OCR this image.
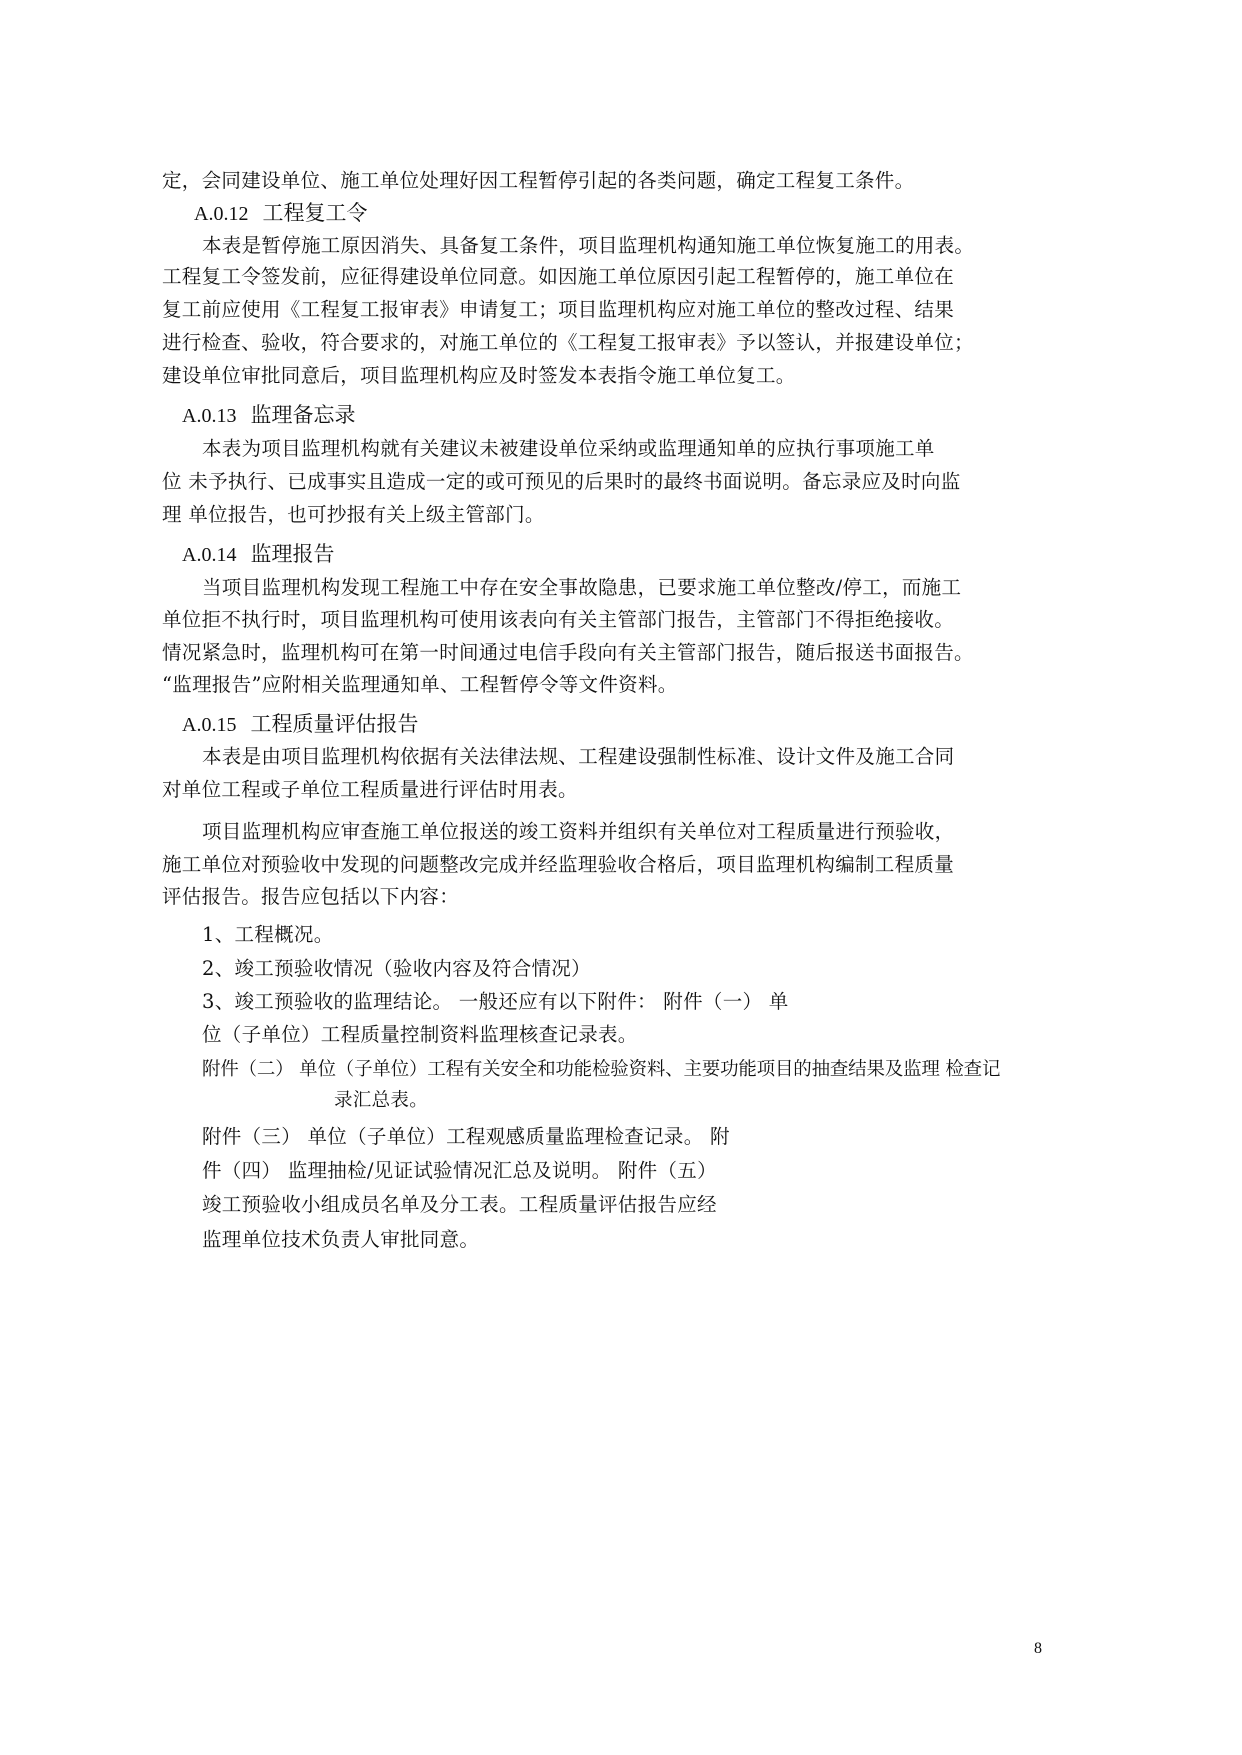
定，会同建设单位、施工单位处理好因工程暂停引起的各类问题，确定工程复工条件。
A.0.12 工程复工令
本表是暂停施工原因消失、具备复工条件，项目监理机构通知施工单位恢复施工的用表。
工程复工令签发前，应征得建设单位同意。如因施工单位原因引起工程暂停的，施工单位在
复工前应使用《工程复工报审表》申请复工；项目监理机构应对施工单位的整改过程、结果
进行检查、验收，符合要求的，对施工单位的《工程复工报审表》予以签认，并报建设单位；
建设单位审批同意后，项目监理机构应及时签发本表指令施工单位复工。
A.0.13 监理备忘录
本表为项目监理机构就有关建议未被建设单位采纳或监理通知单的应执行事项施工单
位 未予执行、已成事实且造成一定的或可预见的后果时的最终书面说明。备忘录应及时向监
理 单位报告，也可抄报有关上级主管部门。
A.0.14 监理报告
当项目监理机构发现工程施工中存在安全事故隐患，已要求施工单位整改/停工，而施工
单位拒不执行时，项目监理机构可使用该表向有关主管部门报告，主管部门不得拒绝接收。
情况紧急时，监理机构可在第一时间通过电信手段向有关主管部门报告，随后报送书面报告。
“监理报告”应附相关监理通知单、工程暂停令等文件资料。
A.0.15 工程质量评估报告
本表是由项目监理机构依据有关法律法规、工程建设强制性标准、设计文件及施工合同
对单位工程或子单位工程质量进行评估时用表。
项目监理机构应审查施工单位报送的竣工资料并组织有关单位对工程质量进行预验收，
施工单位对预验收中发现的问题整改完成并经监理验收合格后，项目监理机构编制工程质量
评估报告。报告应包括以下内容：
1、工程概况。
2、竣工预验收情况（验收内容及符合情况）
3、竣工预验收的监理结论。 一般还应有以下附件： 附件（一） 单
位（子单位）工程质量控制资料监理核查记录表。
附件（二） 单位（子单位）工程有关安全和功能检验资料、主要功能项目的抽查结果及监理 检查记
录汇总表。
附件（三） 单位（子单位）工程观感质量监理检查记录。 附
件（四） 监理抽检/见证试验情况汇总及说明。 附件（五）
竣工预验收小组成员名单及分工表。工程质量评估报告应经
监理单位技术负责人审批同意。
8
